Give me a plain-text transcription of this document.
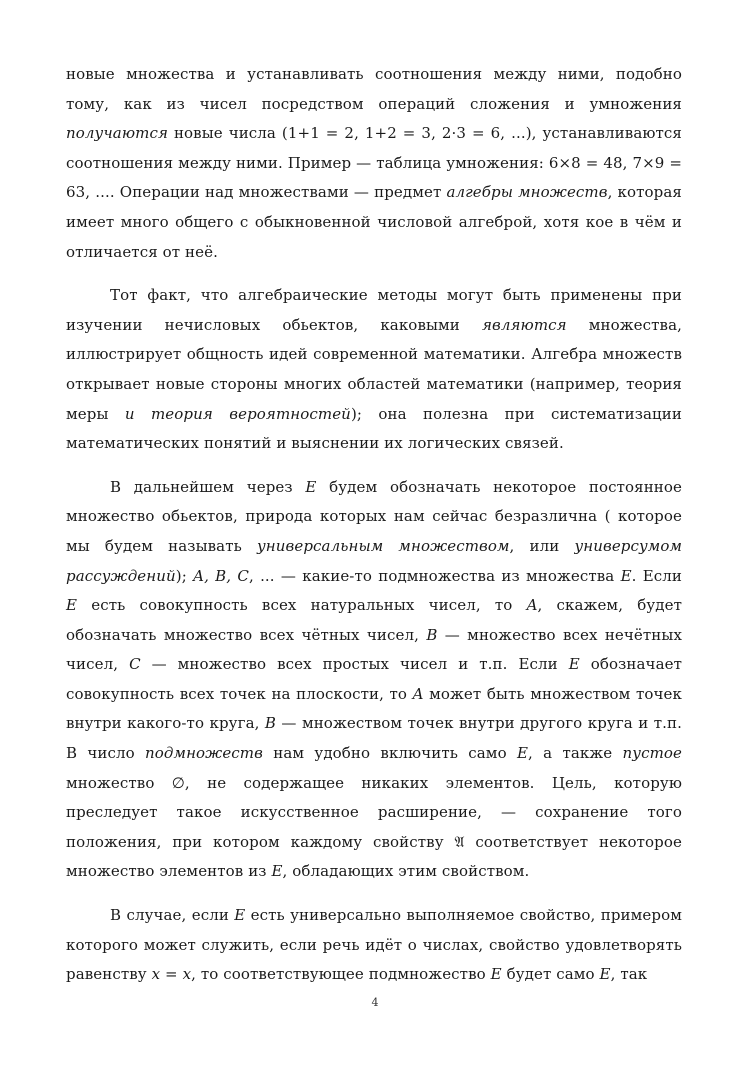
новые множества и устанавливать соотношения между ними, подобно тому, как из чисел посредством операций сложения и умножения получаются новые числа (1+1 = 2, 1+2 = 3, 2·3 = 6, ...), устанавливаются соотношения между ними. Пример — таблица умножения: 6×8 = 48, 7×9 = 63, .... Операции над множествами — предмет алгебры множеств, которая имеет много общего с обыкновенной числовой алгеброй, хотя кое в чём и отличается от неё.

Тот факт, что алгебраические методы могут быть применены при изучении нечисловых обьектов, каковыми являются множества, иллюстрирует общность идей современной математики. Алгебра множеств открывает новые стороны многих областей математики (например, теория меры и теория вероятностей); она полезна при систематизации математических понятий и выяснении их логических связей.

В дальнейшем через E будем обозначать некоторое постоянное множество обьектов, природа которых нам сейчас безразлична ( которое мы будем называть универсальным множеством, или универсумом рассуждений); A, B, C, ... — какие-то подмножества из множества E. Если E есть совокупность всех натуральных чисел, то A, скажем, будет обозначать множество всех чётных чисел, B — множество всех нечётных чисел, C — множество всех простых чисел и т.п. Если E обозначает совокупность всех точек на плоскости, то A может быть множеством точек внутри какого-то круга, B — множеством точек внутри другого круга и т.п. В число подмножеств нам удобно включить само E, а также пустое множество ∅, не содержащее никаких элементов. Цель, которую преследует такое искусственное расширение, — сохранение того положения, при котором каждому свойству 𝔄 соответствует некоторое множество элементов из E, обладающих этим свойством.

В случае, если E есть универсально выполняемое свойство, примером которого может служить, если речь идёт о числах, свойство удовлетворять равенству x = x, то соответствующее подмножество E будет само E, так

4
